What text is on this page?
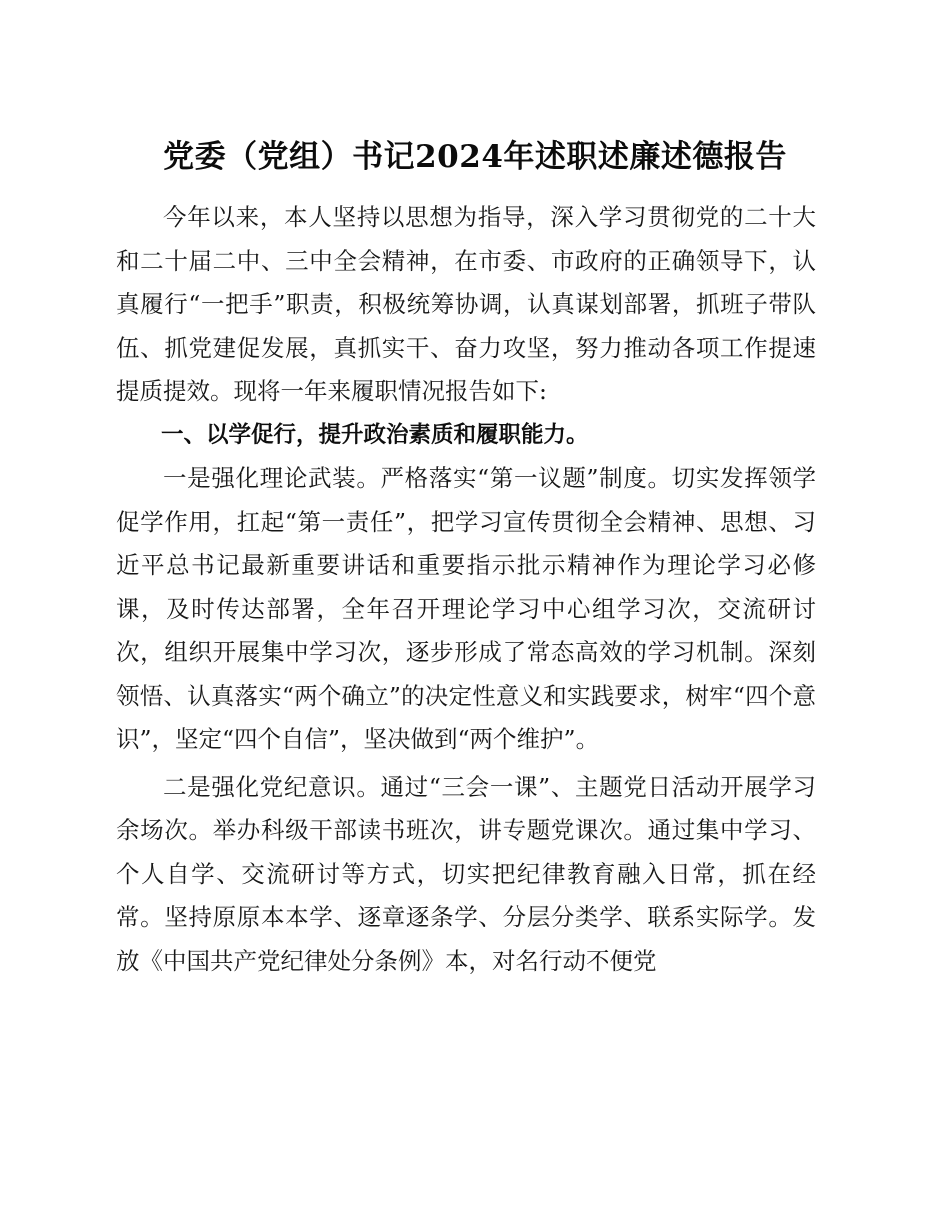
党委（党组）书记2024年述职述廉述德报告

今年以来，本人坚持以思想为指导，深入学习贯彻党的二十大和二十届二中、三中全会精神，在市委、市政府的正确领导下，认真履行“一把手”职责，积极统筹协调，认真谋划部署，抓班子带队伍、抓党建促发展，真抓实干、奋力攻坚，努力推动各项工作提速提质提效。现将一年来履职情况报告如下:

一、以学促行，提升政治素质和履职能力。

一是强化理论武装。严格落实“第一议题”制度。切实发挥领学促学作用，扛起“第一责任”，把学习宣传贯彻全会精神、思想、习近平总书记最新重要讲话和重要指示批示精神作为理论学习必修课，及时传达部署，全年召开理论学习中心组学习次，交流研讨次，组织开展集中学习次，逐步形成了常态高效的学习机制。深刻领悟、认真落实“两个确立”的决定性意义和实践要求，树牢“四个意识”，坚定“四个自信”，坚决做到“两个维护”。

二是强化党纪意识。通过“三会一课”、主题党日活动开展学习余场次。举办科级干部读书班次，讲专题党课次。通过集中学习、个人自学、交流研讨等方式，切实把纪律教育融入日常，抓在经常。坚持原原本本学、逐章逐条学、分层分类学、联系实际学。发放《中国共产党纪律处分条例》本，对名行动不便党
